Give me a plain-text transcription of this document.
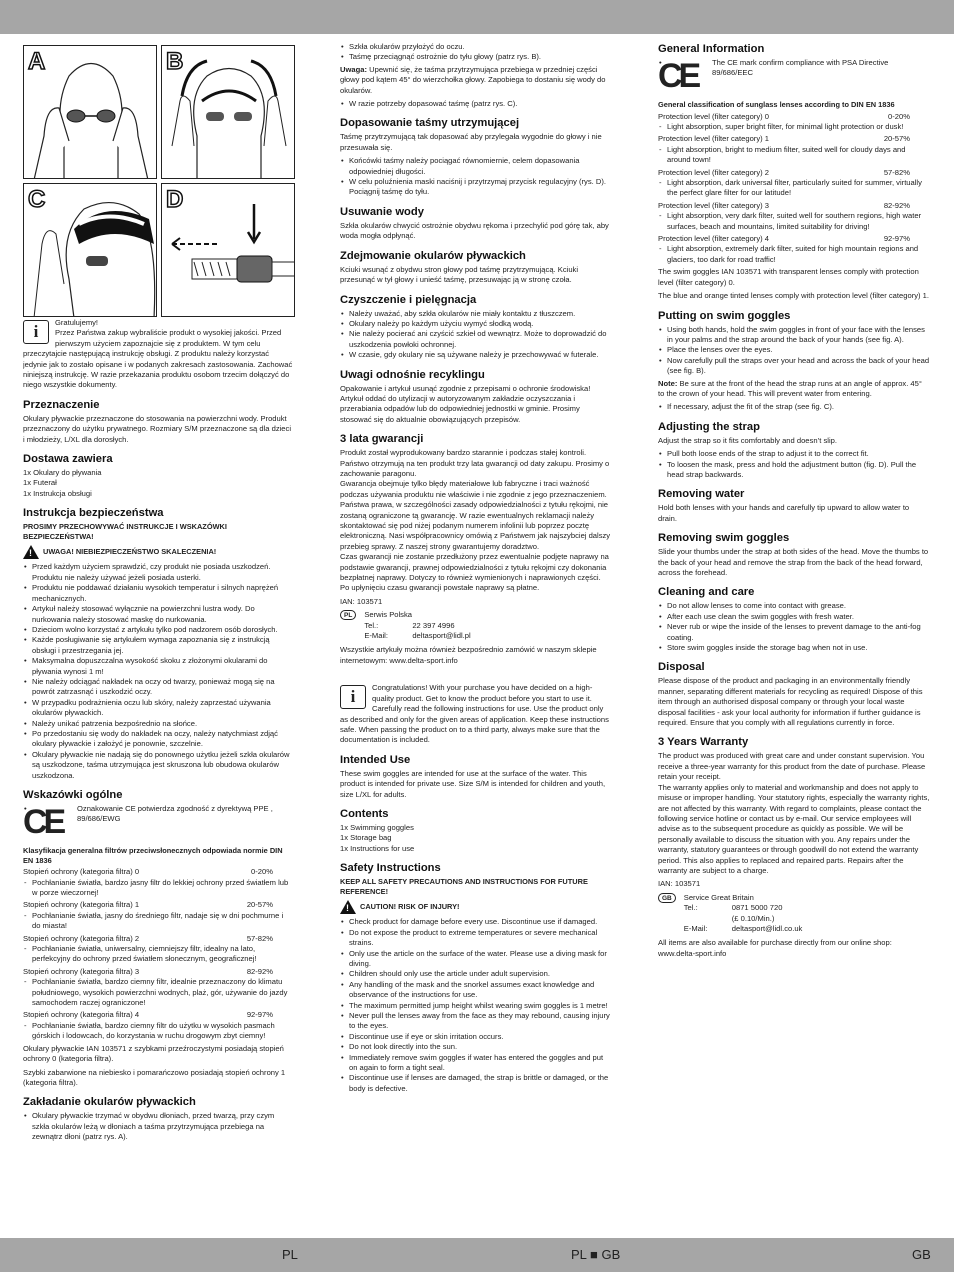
A	B
C	D
i	Gratulujemy!
Przez Państwa zakup wybraliście produkt o wysokiej jakości. Przed pierwszym użyciem zapoznajcie się z produktem. W tym celu przeczytajcie następującą instrukcję obsługi. Z produktu należy korzystać jedynie jak to zostało opisane i w podanych zakresach zastosowania. Zachować niniejszą instrukcję. W razie przekazania produktu osobom trzecim dołączyć do niego wszystkie dokumenty.

Przeznaczenie

Okulary pływackie przeznaczone do stosowania na powierzchni wody. Produkt przeznaczony do użytku prywatnego. Rozmiary S/M przeznaczone są dla dzieci i młodzieży, L/XL dla dorosłych.

Dostawa zawiera
1x Okulary do pływania
1x Futerał
1x Instrukcja obsługi
Instrukcja bezpieczeństwa
PROSIMY PRZECHOWYWAĆ INSTRUKCJE I WSKAZÓWKI BEZPIECZEŃSTWA!
!
UWAGA! NIEBIEZPIECZEŃSTWO SKALECZENIA!
• Przed każdym użyciem sprawdzić, czy produkt nie posiada uszkodzeń. Produktu nie należy używać jeżeli posiada usterki.
• Produktu nie poddawać działaniu wysokich temperatur i silnych naprężeń mechanicznych.
• Artykuł należy stosować wyłącznie na powierzchni lustra wody. Do nurkowania należy stosować maskę do nurkowania.
• Dzieciom wolno korzystać z artykułu tylko pod nadzorem osób dorosłych.
• Każde posługiwanie się artykułem wymaga zapoznania się z instrukcją obsługi i przestrzegania jej.
• Maksymalna dopuszczalna wysokość skoku z złożonymi okularami do pływania wynosi 1 m!
• Nie należy odciągać nakładek na oczy od twarzy, ponieważ mogą się na powrót zatrzasnąć i uszkodzić oczy.
• W przypadku podrażnienia oczu lub skóry, należy zaprzestać używania okularów pływackich.
• Należy unikać patrzenia bezpośrednio na słońce.
• Po przedostaniu się wody do nakładek na oczy, należy natychmiast zdjąć okulary pływackie i założyć je ponownie, szczelnie.
• Okulary pływackie nie nadają się do ponownego użytku jeżeli szkła okularów są uszkodzone, taśma utrzymująca jest skruszona lub obudowa okularów uszkodzona.
Wskazówki ogólne
CE	• Oznakowanie CE potwierdza zgodność z dyrektywą PPE , 89/686/EWG
Klasyfikacja generalna filtrów przeciwsłonecznych odpowiada normie DIN EN 1836
Stopień ochrony (kategoria filtra) 0	0-20%
- Pochłanianie światła, bardzo jasny filtr do lekkiej ochrony przed światłem lub w porze wieczornej!
Stopień ochrony (kategoria filtra) 1	20-57%
- Pochłanianie światła, jasny do średniego filtr, nadaje się w dni pochmurne i do miasta!
Stopień ochrony (kategoria filtra) 2	57-82%
- Pochłanianie światła, uniwersalny, ciemniejszy filtr, idealny na lato, perfekcyjny do ochrony przed światłem słonecznym, geograficznej!
Stopień ochrony (kategoria filtra) 3	82-92%
- Pochłanianie światła, bardzo ciemny filtr, idealnie przeznaczony do klimatu południowego, wysokich powierzchni wodnych, plaż, gór, używanie do jazdy samochodem raczej ograniczone!
Stopień ochrony (kategoria filtra) 4	92-97%
- Pochłanianie światła, bardzo ciemny filtr do użytku w wysokich pasmach górskich i lodowcach, do korzystania w ruchu drogowym zbyt ciemny!

Okulary pływackie IAN 103571 z szybkami przeźroczystymi posiadają stopień ochrony 0 (kategoria filtra).

Szybki zabarwione na niebiesko i pomarańczowo posiadają stopień ochrony 1 (kategoria filtra).

Zakładanie okularów pływackich
• Okulary pływackie trzymać w obydwu dłoniach, przed twarzą, przy czym szkła okularów leżą w dłoniach a taśma przytrzymująca przebiega na zewnątrz dłoni (patrz rys. A).
• Szkła okularów przyłożyć do oczu.
• Taśmę przeciągnąć ostrożnie do tyłu głowy (patrz rys. B).

Uwaga: Upewnić się, że taśma przytrzymująca przebiega w przedniej części głowy pod kątem 45° do wierzchołka głowy. Zapobiega to dostaniu się wody do okularów.

• W razie potrzeby dopasować taśmę (patrz rys. C).
Dopasowanie taśmy utrzymującej

Taśmę przytrzymującą tak dopasować aby przylegała wygodnie do głowy i nie przesuwała się.

• Końcówki taśmy należy pociągać równomiernie, celem dopasowania odpowiedniej długości.
• W celu poluźnienia maski naciśnij i przytrzymaj przycisk regulacyjny (rys. D). Pociągnij taśmę do tyłu.
Usuwanie wody

Szkła okularów chwycić ostrożnie obydwu rękoma i przechylić pod górę tak, aby woda mogła odpłynąć.

Zdejmowanie okularów pływackich

Kciuki wsunąć z obydwu stron głowy pod taśmę przytrzymującą. Kciuki przesunąć w tył głowy i unieść taśmę, przesuwając ją w stronę czoła.

Czyszczenie i pielęgnacja
• Należy uważać, aby szkła okularów nie miały kontaktu z tłuszczem.
• Okulary należy po każdym użyciu wymyć słodką wodą.
• Nie należy pocierać ani czyścić szkieł od wewnątrz. Może to doprowadzić do uszkodzenia powłoki ochronnej.
• W czasie, gdy okulary nie są używane należy je przechowywać w futerale.
Uwagi odnośnie recyklingu

Opakowanie i artykuł usunąć zgodnie z przepisami o ochronie środowiska! Artykuł oddać do utylizacji w autoryzowanym zakładzie oczyszczania i przerabiania odpadów lub do odpowiedniej jednostki w gminie. Prosimy stosować się do aktualnie obowiązujących przepisów.

3 lata gwarancji

Produkt został wyprodukowany bardzo starannie i podczas stałej kontroli. Państwo otrzymują na ten produkt trzy lata gwarancji od daty zakupu. Prosimy o zachowanie paragonu.
Gwarancja obejmuje tylko błędy materiałowe lub fabryczne i traci ważność podczas używania produktu nie właściwie i nie zgodnie z jego przeznaczeniem. Państwa prawa, w szczególności zasady odpowiedzialności z tytułu rękojmi, nie zostaną ograniczone tą gwarancję. W razie ewentualnych reklamacji należy skontaktować się pod niżej podanym numerem infolinii lub poprzez pocztę elektroniczną. Nasi współpracownicy omówią z Państwem jak najszybciej dalszy przebieg sprawy. Z naszej strony gwarantujemy doradztwo.
Czas gwarancji nie zostanie przedłużony przez ewentualnie podjęte naprawy na podstawie gwarancji, prawnej odpowiedzialności z tytułu rękojmi czy dokonania bezpłatnej naprawy. Dotyczy to również wymienionych i naprawionych części. Po upłynięciu czasu gwarancji powstałe naprawy są płatne.

IAN: 103571

PL	Serwis Polska
Tel.:	22 397 4996
E-Mail:	deltasport@lidl.pl

Wszystkie artykuły można również bezpośrednio zamówić w naszym sklepie internetowym: www.delta-sport.info

i	Congratulations! With your purchase you have decided on a high-quality product. Get to know the product before you start to use it. Carefully read the following instructions for use. Use the product only as described and only for the given areas of application. Keep these instructions safe. When passing the product on to a third party, always make sure that the documentation is included.

Intended Use

These swim goggles are intended for use at the surface of the water. This product is intended for private use. Size S/M is intended for children and youth, size L/XL for adults.

Contents
1x Swimming goggles
1x Storage bag
1x Instructions for use
Safety Instructions
KEEP ALL SAFETY PRECAUTIONS AND INSTRUCTIONS FOR FUTURE REFERENCE!
!
CAUTION! RISK OF INJURY!
• Check product for damage before every use. Discontinue use if damaged.
• Do not expose the product to extreme temperatures or severe mechanical strains.
• Only use the article on the surface of the water. Please use a diving mask for diving.
• Children should only use the article under adult supervision.
• Any handling of the mask and the snorkel assumes exact knowledge and observance of the instructions for use.
• The maximum permitted jump height whilst wearing swim goggles is 1 metre!
• Never pull the lenses away from the face as they may rebound, causing injury to the eyes.
• Discontinue use if eye or skin irritation occurs.
• Do not look directly into the sun.
• Immediately remove swim goggles if water has entered the goggles and put on again to form a tight seal.
• Discontinue use if lenses are damaged, the strap is brittle or damaged, or the body is defective.
General Information
CE	• The CE mark confirm compliance with PSA Directive 89/686/EEC
General classification of sunglass lenses according to DIN EN 1836
Protection level (filter category) 0	0-20%
- Light absorption, super bright filter, for minimal light protection or dusk!
Protection level (filter category) 1	20-57%
- Light absorption, bright to medium filter, suited well for cloudy days and around town!
Protection level (filter category) 2	57-82%
- Light absorption, dark universal filter, particularly suited for summer, virtually the perfect glare filter for our latitude!
Protection level (filter category) 3	82-92%
- Light absorption, very dark filter, suited well for southern regions, high water surfaces, beach and mountains, limited suitability for driving!
Protection level (filter category) 4	92-97%
- Light absorption, extremely dark filter, suited for high mountain regions and glaciers, too dark for road traffic!

The swim goggles IAN 103571 with transparent lenses comply with protection level (filter category) 0.

The blue and orange tinted lenses comply with protection level (filter category) 1.

Putting on swim goggles
• Using both hands, hold the swim goggles in front of your face with the lenses in your palms and the strap around the back of your hands (see fig. A).
• Place the lenses over the eyes.
• Now carefully pull the straps over your head and across the back of your head (see fig. B).

Note: Be sure at the front of the head the strap runs at an angle of approx. 45° to the crown of your head. This will prevent water from entering.

• If necessary, adjust the fit of the strap (see fig. C).
Adjusting the strap

Adjust the strap so it fits comfortably and doesn’t slip.

• Pull both loose ends of the strap to adjust it to the correct fit.
• To loosen the mask, press and hold the adjustment button (fig. D). Pull the head strap backwards.
Removing water

Hold both lenses with your hands and carefully tip upward to allow water to drain.

Removing swim goggles

Slide your thumbs under the strap at both sides of the head. Move the thumbs to the back of your head and remove the strap from the back of the head forward, across the forehead.

Cleaning and care
• Do not allow lenses to come into contact with grease.
• After each use clean the swim goggles with fresh water.
• Never rub or wipe the inside of the lenses to prevent damage to the anti-fog coating.
• Store swim goggles inside the storage bag when not in use.
Disposal

Please dispose of the product and packaging in an environmentally friendly manner, separating different materials for recycling as required! Dispose of this item through an authorised disposal company or through your local waste disposal facilities - ask your local authority for information if further guidance is required. Ensure that you comply with all regulations currently in force.

3 Years Warranty

The product was produced with great care and under constant supervision. You receive a three-year warranty for this product from the date of purchase. Please retain your receipt.
The warranty applies only to material and workmanship and does not apply to misuse or improper handling. Your statutory rights, especially the warranty rights, are not affected by this warranty. With regard to complaints, please contact the following service hotline or contact us by e-mail. Our service employees will advise as to the subsequent procedure as quickly as possible. We will be personally available to discuss the situation with you. Any repairs under the warranty, statutory guarantees or through goodwill do not extend the warranty period. This also applies to replaced and repaired parts. Repairs after the warranty are subject to a charge.

IAN: 103571

GB	Service Great Britain
Tel.:	0871 5000 720
(£ 0.10/Min.)
E-Mail:	deltasport@lidl.co.uk

All items are also available for purchase directly from our online shop: www.delta-sport.info

PL	PL ■ GB	GB
